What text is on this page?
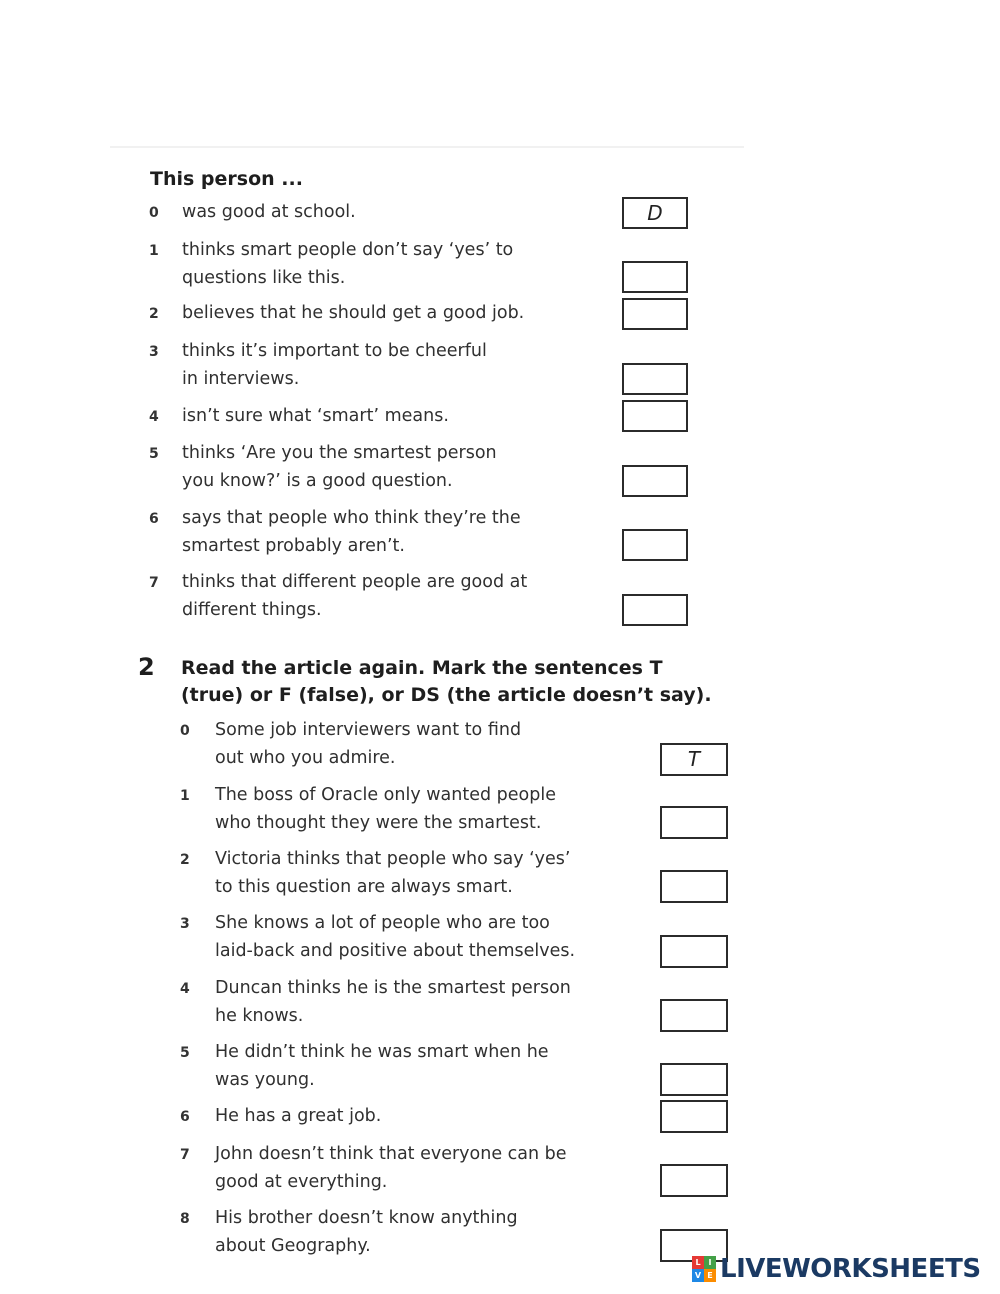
This person ...
0 was good at school.	D
1 thinks smart people don’t say ‘yes’ to
questions like this.
2 believes that he should get a good job.
3 thinks it’s important to be cheerful
in interviews.
4 isn’t sure what ‘smart’ means.
5 thinks ‘Are you the smartest person
you know?’ is a good question.
6 says that people who think they’re the
smartest probably aren’t.
7 thinks that different people are good at
different things.
2 Read the article again. Mark the sentences T
(true) or F (false), or DS (the article doesn’t say).
0 Some job interviewers want to find
out who you admire.	T
1 The boss of Oracle only wanted people
who thought they were the smartest.
2 Victoria thinks that people who say ‘yes’
to this question are always smart.
3 She knows a lot of people who are too
laid-back and positive about themselves.
4 Duncan thinks he is the smartest person
he knows.
5 He didn’t think he was smart when he
was young.
6 He has a great job.
7 John doesn’t think that everyone can be
good at everything.
8 His brother doesn’t know anything
about Geography.
L I
V E LIVEWORKSHEETS
